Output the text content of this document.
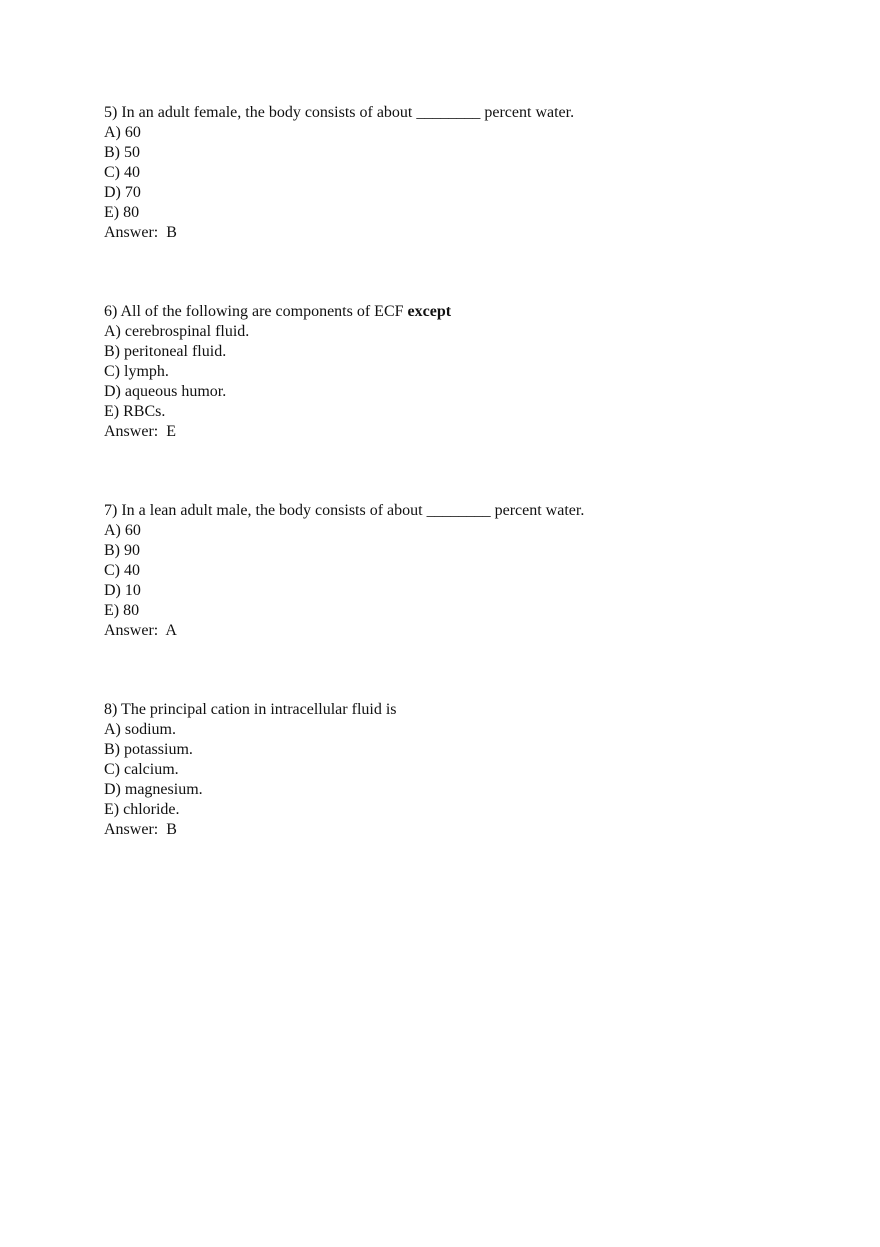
5) In an adult female, the body consists of about ________ percent water.

A) 60

B) 50

C) 40

D) 70

E) 80

Answer:  B

6) All of the following are components of ECF except

A) cerebrospinal fluid.

B) peritoneal fluid.

C) lymph.

D) aqueous humor.

E) RBCs.

Answer:  E

7) In a lean adult male, the body consists of about ________ percent water.

A) 60

B) 90

C) 40

D) 10

E) 80

Answer:  A

8) The principal cation in intracellular fluid is

A) sodium.

B) potassium.

C) calcium.

D) magnesium.

E) chloride.

Answer:  B
